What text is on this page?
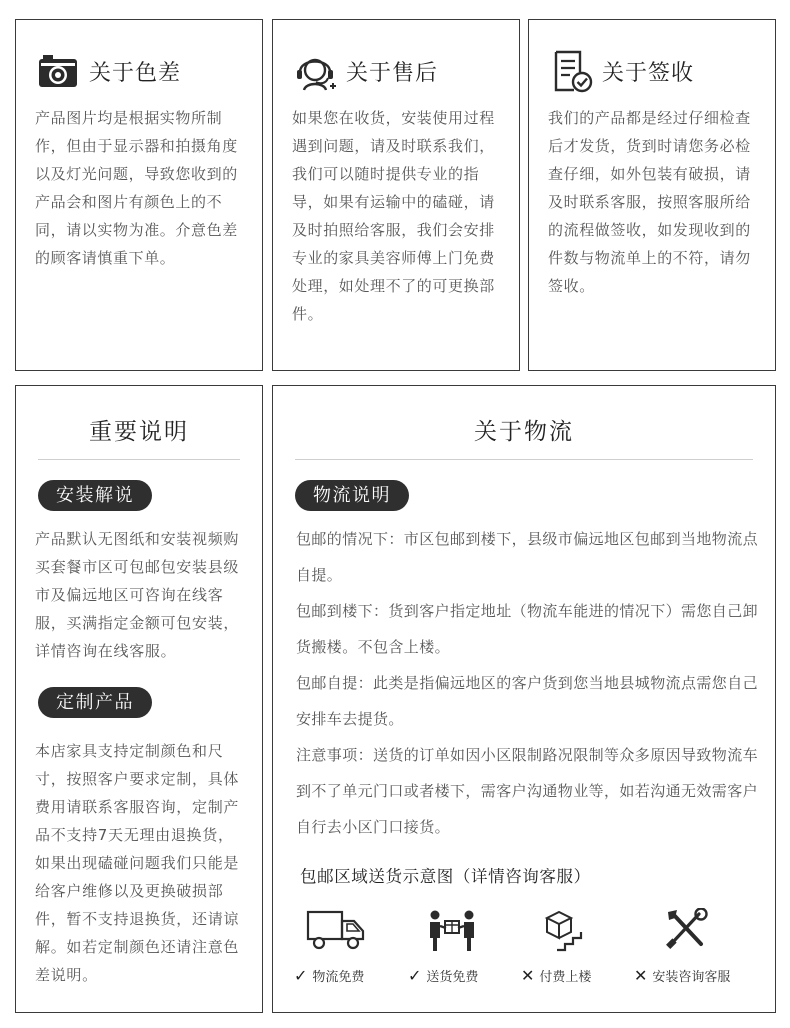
关于色差
产品图片均是根据实物所制作，但由于显示器和拍摄角度以及灯光问题，导致您收到的产品会和图片有颜色上的不同，请以实物为准。介意色差的顾客请慎重下单。
关于售后
如果您在收货，安装使用过程遇到问题，请及时联系我们，我们可以随时提供专业的指导，如果有运输中的磕碰，请及时拍照给客服，我们会安排专业的家具美容师傅上门免费处理，如处理不了的可更换部件。
关于签收
我们的产品都是经过仔细检查后才发货，货到时请您务必检查仔细，如外包装有破损，请及时联系客服，按照客服所给的流程做签收，如发现收到的件数与物流单上的不符，请勿签收。
重要说明
安装解说
产品默认无图纸和安装视频购买套餐市区可包邮包安装县级市及偏远地区可咨询在线客服，买满指定金额可包安装，详情咨询在线客服。
定制产品
本店家具支持定制颜色和尺寸，按照客户要求定制，具体费用请联系客服咨询，定制产品不支持7天无理由退换货，如果出现磕碰问题我们只能是给客户维修以及更换破损部件，暂不支持退换货，还请谅解。如若定制颜色还请注意色差说明。
关于物流
物流说明
包邮的情况下：市区包邮到楼下，县级市偏远地区包邮到当地物流点自提。
包邮到楼下：货到客户指定地址（物流车能进的情况下）需您自己卸货搬楼。不包含上楼。
包邮自提：此类是指偏远地区的客户货到您当地县城物流点需您自己安排车去提货。
注意事项：送货的订单如因小区限制路况限制等众多原因导致物流车到不了单元门口或者楼下，需客户沟通物业等，如若沟通无效需客户自行去小区门口接货。
包邮区域送货示意图（详情咨询客服）
✓ 物流免费	✓ 送货免费	✕ 付费上楼	✕ 安装咨询客服
